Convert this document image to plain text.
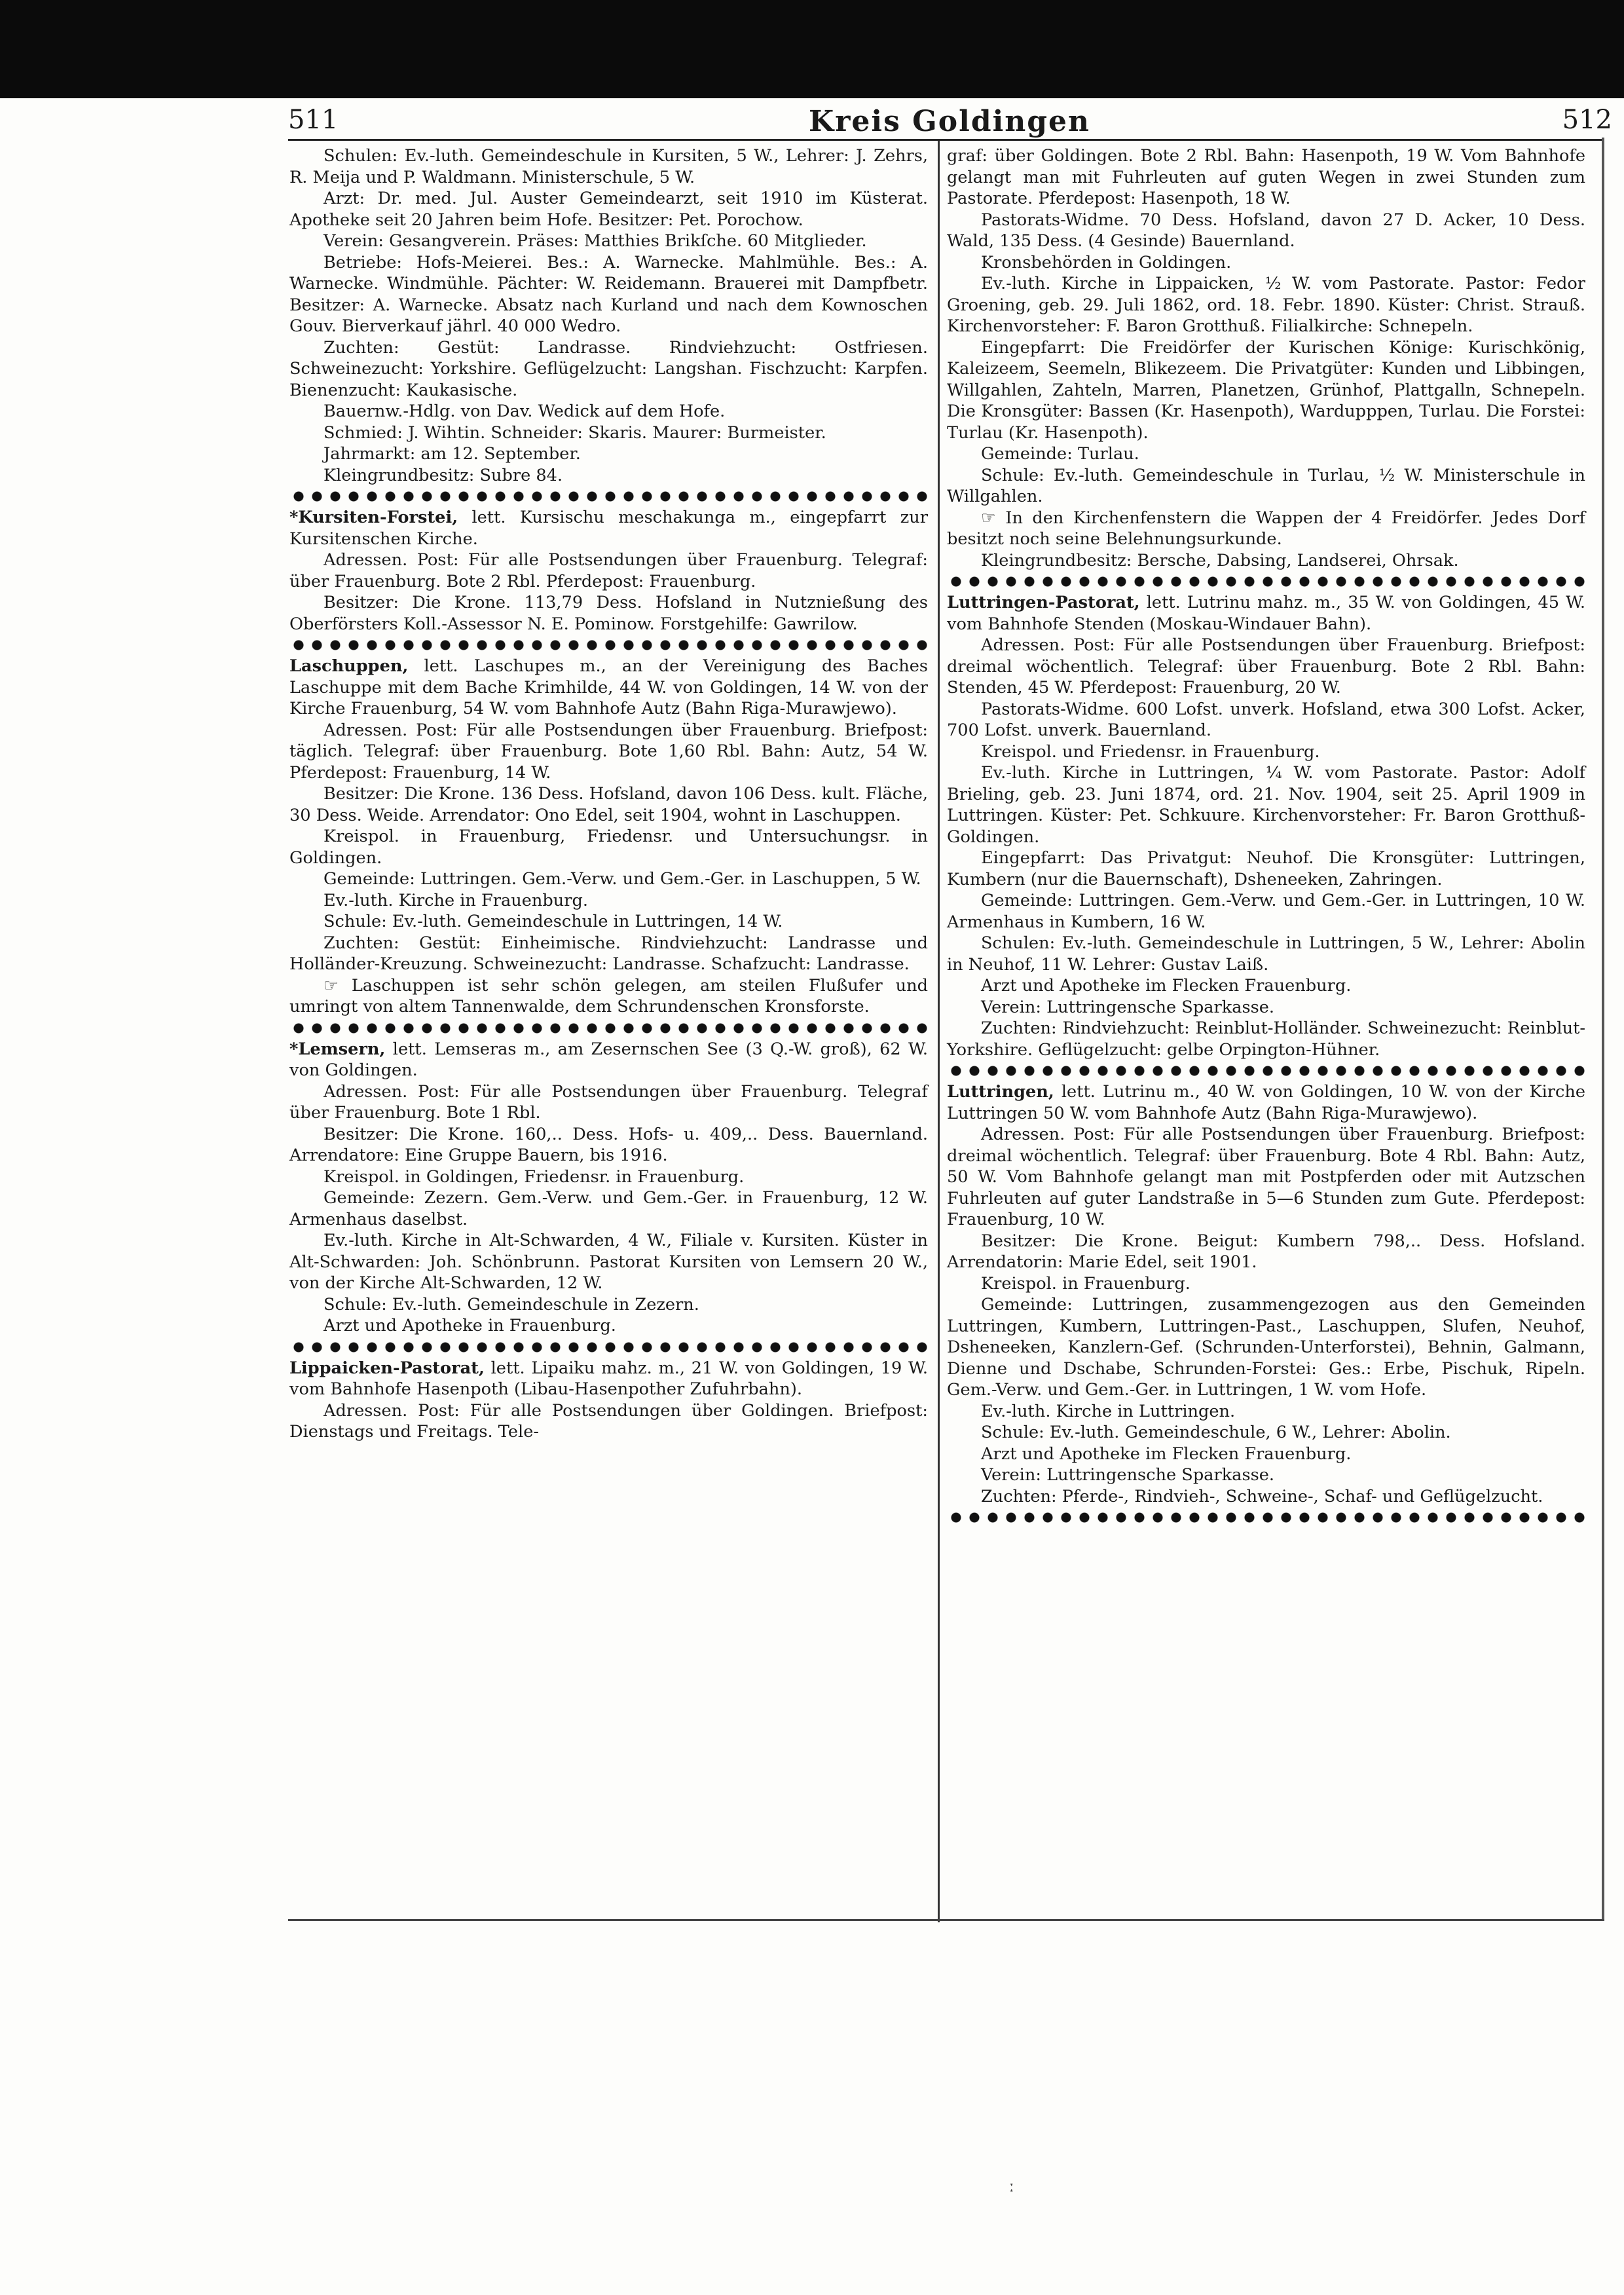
511	Kreis Goldingen	512

Schulen: Ev.-luth. Gemeindeschule in Kursiten, 5 W., Lehrer: J. Zehrs, R. Meija und P. Waldmann. Ministerschule, 5 W.

Arzt: Dr. med. Jul. Auster Gemeindearzt, seit 1910 im Küsterat. Apotheke seit 20 Jahren beim Hofe. Besitzer: Pet. Porochow.

Verein: Gesangverein. Präses: Matthies Brikſche. 60 Mitglieder.

Betriebe: Hofs-Meierei. Bes.: A. Warnecke. Mahlmühle. Bes.: A. Warnecke. Windmühle. Pächter: W. Reidemann. Brauerei mit Dampfbetr. Besitzer: A. Warnecke. Absatz nach Kurland und nach dem Kownoschen Gouv. Bierverkauf jährl. 40 000 Wedro.

Zuchten: Gestüt: Landrasse. Rindviehzucht: Ostfriesen. Schweinezucht: Yorkshire. Geflügelzucht: Langshan. Fischzucht: Karpfen. Bienenzucht: Kaukasische.

Bauernw.-Hdlg. von Dav. Wedick auf dem Hofe.

Schmied: J. Wihtin. Schneider: Skaris. Maurer: Burmeister.

Jahrmarkt: am 12. September.

Kleingrundbesitz: Subre 84.

*Kursiten-Forstei, lett. Kursischu meschakunga m., eingepfarrt zur Kursitenschen Kirche.

Adressen. Post: Für alle Postsendungen über Frauenburg. Telegraf: über Frauenburg. Bote 2 Rbl. Pferdepost: Frauenburg.

Besitzer: Die Krone. 113,79 Dess. Hofsland in Nutznießung des Oberförsters Koll.-Assessor N. E. Pominow. Forstgehilfe: Gawrilow.

Laschuppen, lett. Laschupes m., an der Vereinigung des Baches Laschuppe mit dem Bache Krimhilde, 44 W. von Goldingen, 14 W. von der Kirche Frauenburg, 54 W. vom Bahnhofe Autz (Bahn Riga-Murawjewo).

Adressen. Post: Für alle Postsendungen über Frauenburg. Briefpost: täglich. Telegraf: über Frauenburg. Bote 1,60 Rbl. Bahn: Autz, 54 W. Pferdepost: Frauenburg, 14 W.

Besitzer: Die Krone. 136 Dess. Hofsland, davon 106 Dess. kult. Fläche, 30 Dess. Weide. Arrendator: Ono Edel, seit 1904, wohnt in Laschuppen.

Kreispol. in Frauenburg, Friedensr. und Untersuchungsr. in Goldingen.

Gemeinde: Luttringen. Gem.-Verw. und Gem.-Ger. in Laschuppen, 5 W.

Ev.-luth. Kirche in Frauenburg.

Schule: Ev.-luth. Gemeindeschule in Luttringen, 14 W.

Zuchten: Gestüt: Einheimische. Rindviehzucht: Landrasse und Holländer-Kreuzung. Schweinezucht: Landrasse. Schafzucht: Landrasse.

☞ Laschuppen ist sehr schön gelegen, am steilen Flußufer und umringt von altem Tannenwalde, dem Schrundenschen Kronsforste.

*Lemsern, lett. Lemseras m., am Zesernschen See (3 Q.-W. groß), 62 W. von Goldingen.

Adressen. Post: Für alle Postsendungen über Frauenburg. Telegraf über Frauenburg. Bote 1 Rbl.

Besitzer: Die Krone. 160,.. Dess. Hofs- u. 409,.. Dess. Bauernland. Arrendatore: Eine Gruppe Bauern, bis 1916.

Kreispol. in Goldingen, Friedensr. in Frauenburg.

Gemeinde: Zezern. Gem.-Verw. und Gem.-Ger. in Frauenburg, 12 W. Armenhaus daselbst.

Ev.-luth. Kirche in Alt-Schwarden, 4 W., Filiale v. Kursiten. Küster in Alt-Schwarden: Joh. Schönbrunn. Pastorat Kursiten von Lemsern 20 W., von der Kirche Alt-Schwarden, 12 W.

Schule: Ev.-luth. Gemeindeschule in Zezern.

Arzt und Apotheke in Frauenburg.

Lippaicken-Pastorat, lett. Lipaiku mahz. m., 21 W. von Goldingen, 19 W. vom Bahnhofe Hasenpoth (Libau-Hasenpother Zufuhrbahn).

Adressen. Post: Für alle Postsendungen über Goldingen. Briefpost: Dienstags und Freitags. Tele-

graf: über Goldingen. Bote 2 Rbl. Bahn: Hasenpoth, 19 W. Vom Bahnhofe gelangt man mit Fuhrleuten auf guten Wegen in zwei Stunden zum Pastorate. Pferdepost: Hasenpoth, 18 W.

Pastorats-Widme. 70 Dess. Hofsland, davon 27 D. Acker, 10 Dess. Wald, 135 Dess. (4 Gesinde) Bauernland.

Kronsbehörden in Goldingen.

Ev.-luth. Kirche in Lippaicken, ½ W. vom Pastorate. Pastor: Fedor Groening, geb. 29. Juli 1862, ord. 18. Febr. 1890. Küster: Christ. Strauß. Kirchenvorsteher: F. Baron Grotthuß. Filialkirche: Schnepeln.

Eingepfarrt: Die Freidörfer der Kurischen Könige: Kurischkönig, Kaleizeem, Seemeln, Blikezeem. Die Privatgüter: Kunden und Libbingen, Willgahlen, Zahteln, Marren, Planetzen, Grünhof, Plattgalln, Schnepeln. Die Kronsgüter: Bassen (Kr. Hasenpoth), Wardupppen, Turlau. Die Forstei: Turlau (Kr. Hasenpoth).

Gemeinde: Turlau.

Schule: Ev.-luth. Gemeindeschule in Turlau, ½ W. Ministerschule in Willgahlen.

☞ In den Kirchenfenstern die Wappen der 4 Freidörfer. Jedes Dorf besitzt noch seine Belehnungsurkunde.

Kleingrundbesitz: Bersche, Dabsing, Landserei, Ohrsak.

Luttringen-Pastorat, lett. Lutrinu mahz. m., 35 W. von Goldingen, 45 W. vom Bahnhofe Stenden (Moskau-Windauer Bahn).

Adressen. Post: Für alle Postsendungen über Frauenburg. Briefpost: dreimal wöchentlich. Telegraf: über Frauenburg. Bote 2 Rbl. Bahn: Stenden, 45 W. Pferdepost: Frauenburg, 20 W.

Pastorats-Widme. 600 Lofst. unverk. Hofsland, etwa 300 Lofst. Acker, 700 Lofst. unverk. Bauernland.

Kreispol. und Friedensr. in Frauenburg.

Ev.-luth. Kirche in Luttringen, ¼ W. vom Pastorate. Pastor: Adolf Brieling, geb. 23. Juni 1874, ord. 21. Nov. 1904, seit 25. April 1909 in Luttringen. Küster: Pet. Schkuure. Kirchenvorsteher: Fr. Baron Grotthuß-Goldingen.

Eingepfarrt: Das Privatgut: Neuhof. Die Kronsgüter: Luttringen, Kumbern (nur die Bauernschaft), Dsheneeken, Zahringen.

Gemeinde: Luttringen. Gem.-Verw. und Gem.-Ger. in Luttringen, 10 W. Armenhaus in Kumbern, 16 W.

Schulen: Ev.-luth. Gemeindeschule in Luttringen, 5 W., Lehrer: Abolin in Neuhof, 11 W. Lehrer: Gustav Laiß.

Arzt und Apotheke im Flecken Frauenburg.

Verein: Luttringensche Sparkasse.

Zuchten: Rindviehzucht: Reinblut-Holländer. Schweinezucht: Reinblut-Yorkshire. Geflügelzucht: gelbe Orpington-Hühner.

Luttringen, lett. Lutrinu m., 40 W. von Goldingen, 10 W. von der Kirche Luttringen 50 W. vom Bahnhofe Autz (Bahn Riga-Murawjewo).

Adressen. Post: Für alle Postsendungen über Frauenburg. Briefpost: dreimal wöchentlich. Telegraf: über Frauenburg. Bote 4 Rbl. Bahn: Autz, 50 W. Vom Bahnhofe gelangt man mit Postpferden oder mit Autzschen Fuhrleuten auf guter Landstraße in 5—6 Stunden zum Gute. Pferdepost: Frauenburg, 10 W.

Besitzer: Die Krone. Beigut: Kumbern 798,.. Dess. Hofsland. Arrendatorin: Marie Edel, seit 1901.

Kreispol. in Frauenburg.

Gemeinde: Luttringen, zusammengezogen aus den Gemeinden Luttringen, Kumbern, Luttringen-Past., Laschuppen, Slufen, Neuhof, Dsheneeken, Kanzlern-Gef. (Schrunden-Unterforstei), Behnin, Galmann, Dienne und Dschabe, Schrunden-Forstei: Ges.: Erbe, Pischuk, Ripeln. Gem.-Verw. und Gem.-Ger. in Luttringen, 1 W. vom Hofe.

Ev.-luth. Kirche in Luttringen.

Schule: Ev.-luth. Gemeindeschule, 6 W., Lehrer: Abolin.

Arzt und Apotheke im Flecken Frauenburg.

Verein: Luttringensche Sparkasse.

Zuchten: Pferde-, Rindvieh-, Schweine-, Schaf- und Geflügelzucht.

ː
